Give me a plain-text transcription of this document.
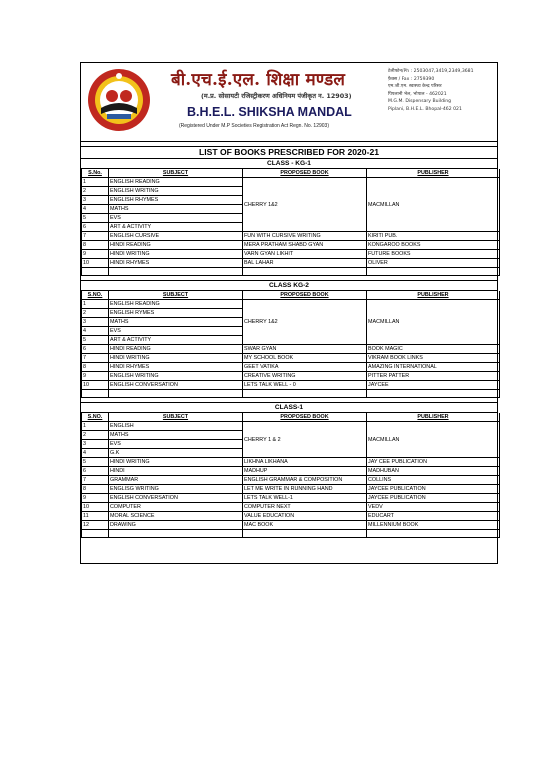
बी.एच.ई.एल. शिक्षा मण्डल
(म.प्र. सोसायटी रजिस्ट्रीकरण अधिनियम पंजीकृत न. 12903)
B.H.E.L. SHIKSHA MANDAL
(Registered Under M.P Societies Registration Act Regn. No. 12903)
टेलीफोन/Ph : 2503047,3419,2349,3681
फ़ैक्स / Fax : 2759390
एम.जी.एम. स्वास्थ्य केन्द्र परिसर
पिपलानी भेल, भोपाल - 462021
M.G.M. Dispensary Building
Piplani, B.H.E.L. Bhopal-462 021
LIST OF BOOKS PRESCRIBED FOR 2020-21
CLASS - KG-1
S.No.	SUBJECT	PROPOSED BOOK	PUBLISHER
1	ENGLISH READING	CHERRY 1&2	MACMILLAN
2	ENGLISH WRITING		
3	ENGLISH RHYMES		
4	MATHS		
5	EVS		
6	ART & ACTIVITY		
7	ENGLISH CURSIVE	FUN WITH CURSIVE WRITING	KIRITI PUB.
8	HINDI READING	MERA PRATHAM SHABD GYAN	KONGAROO BOOKS
9	HINDI WRITING	VARN GYAN LIKHIT	FUTURE BOOKS
10	HINDI RHYMES	BAL LAHAR	OLIVER

CLASS KG-2
S.NO.	SUBJECT	PROPOSED BOOK	PUBLISHER
1	ENGLISH READING	CHERRY 1&2	MACMILLAN
2	ENGLISH RYMES		
3	MATHS		
4	EVS		
5	ART & ACTIVITY		
6	HINDI READING	SWAR GYAN	BOOK MAGIC
7	HINDI WRITING	MY SCHOOL BOOK	VIKRAM BOOK LINKS
8	HINDI RHYMES	GEET VATIKA	AMAZING INTERNATIONAL
9	ENGLISH WRITING	CREATIVE WRITING	PITTER PATTER
10	ENGLISH CONVERSATION	LETS TALK WELL - 0	JAYCEE

CLASS-1
S.NO.	SUBJECT	PROPOSED BOOK	PUBLISHER
1	ENGLISH	CHERRY 1 & 2	MACMILLAN
2	MATHS		
3	EVS		
4	G.K		
5	HINDI WRITING	LIKHNA LIKHANA	JAY CEE PUBLICATION
6	HINDI	MADHUP	MADHUBAN
7	GRAMMAR	ENGLISH GRAMMAR & COMPOSITION	COLLINS
8	ENGLISG WRITING	LET ME WRITE IN RUNNING HAND	JAYCEE PUBLICATION
9	ENGLISH CONVERSATION	LETS TALK WELL-1	JAYCEE PUBLICATION
10	COMPUTER	COMPUTER NEXT	VEDV
11	MORAL SCIENCE	VALUE EDUCATION	EDUCART
12	DRAWING	MAC BOOK	MILLENNIUM BOOK
